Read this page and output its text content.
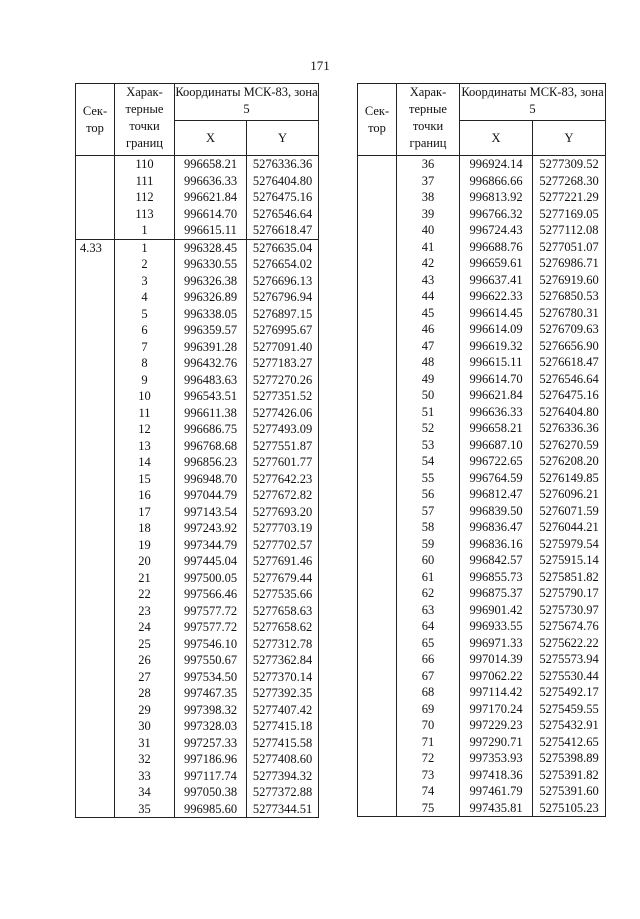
171
Сек-тор	Харак-терные точки границ	Координаты МСК-83, зона 5	
		X	Y
	110	996658.21	5276336.36
	111	996636.33	5276404.80
	112	996621.84	5276475.16
	113	996614.70	5276546.64
	1	996615.11	5276618.47
4.33	1	996328.45	5276635.04
	2	996330.55	5276654.02
	3	996326.38	5276696.13
	4	996326.89	5276796.94
	5	996338.05	5276897.15
	6	996359.57	5276995.67
	7	996391.28	5277091.40
	8	996432.76	5277183.27
	9	996483.63	5277270.26
	10	996543.51	5277351.52
	11	996611.38	5277426.06
	12	996686.75	5277493.09
	13	996768.68	5277551.87
	14	996856.23	5277601.77
	15	996948.70	5277642.23
	16	997044.79	5277672.82
	17	997143.54	5277693.20
	18	997243.92	5277703.19
	19	997344.79	5277702.57
	20	997445.04	5277691.46
	21	997500.05	5277679.44
	22	997566.46	5277535.66
	23	997577.72	5277658.63
	24	997577.72	5277658.62
	25	997546.10	5277312.78
	26	997550.67	5277362.84
	27	997534.50	5277370.14
	28	997467.35	5277392.35
	29	997398.32	5277407.42
	30	997328.03	5277415.18
	31	997257.33	5277415.58
	32	997186.96	5277408.60
	33	997117.74	5277394.32
	34	997050.38	5277372.88
	35	996985.60	5277344.51
Сек-тор	Харак-терные точки границ	Координаты МСК-83, зона 5	
		X	Y
	36	996924.14	5277309.52
	37	996866.66	5277268.30
	38	996813.92	5277221.29
	39	996766.32	5277169.05
	40	996724.43	5277112.08
	41	996688.76	5277051.07
	42	996659.61	5276986.71
	43	996637.41	5276919.60
	44	996622.33	5276850.53
	45	996614.45	5276780.31
	46	996614.09	5276709.63
	47	996619.32	5276656.90
	48	996615.11	5276618.47
	49	996614.70	5276546.64
	50	996621.84	5276475.16
	51	996636.33	5276404.80
	52	996658.21	5276336.36
	53	996687.10	5276270.59
	54	996722.65	5276208.20
	55	996764.59	5276149.85
	56	996812.47	5276096.21
	57	996839.50	5276071.59
	58	996836.47	5276044.21
	59	996836.16	5275979.54
	60	996842.57	5275915.14
	61	996855.73	5275851.82
	62	996875.37	5275790.17
	63	996901.42	5275730.97
	64	996933.55	5275674.76
	65	996971.33	5275622.22
	66	997014.39	5275573.94
	67	997062.22	5275530.44
	68	997114.42	5275492.17
	69	997170.24	5275459.55
	70	997229.23	5275432.91
	71	997290.71	5275412.65
	72	997353.93	5275398.89
	73	997418.36	5275391.82
	74	997461.79	5275391.60
	75	997435.81	5275105.23
